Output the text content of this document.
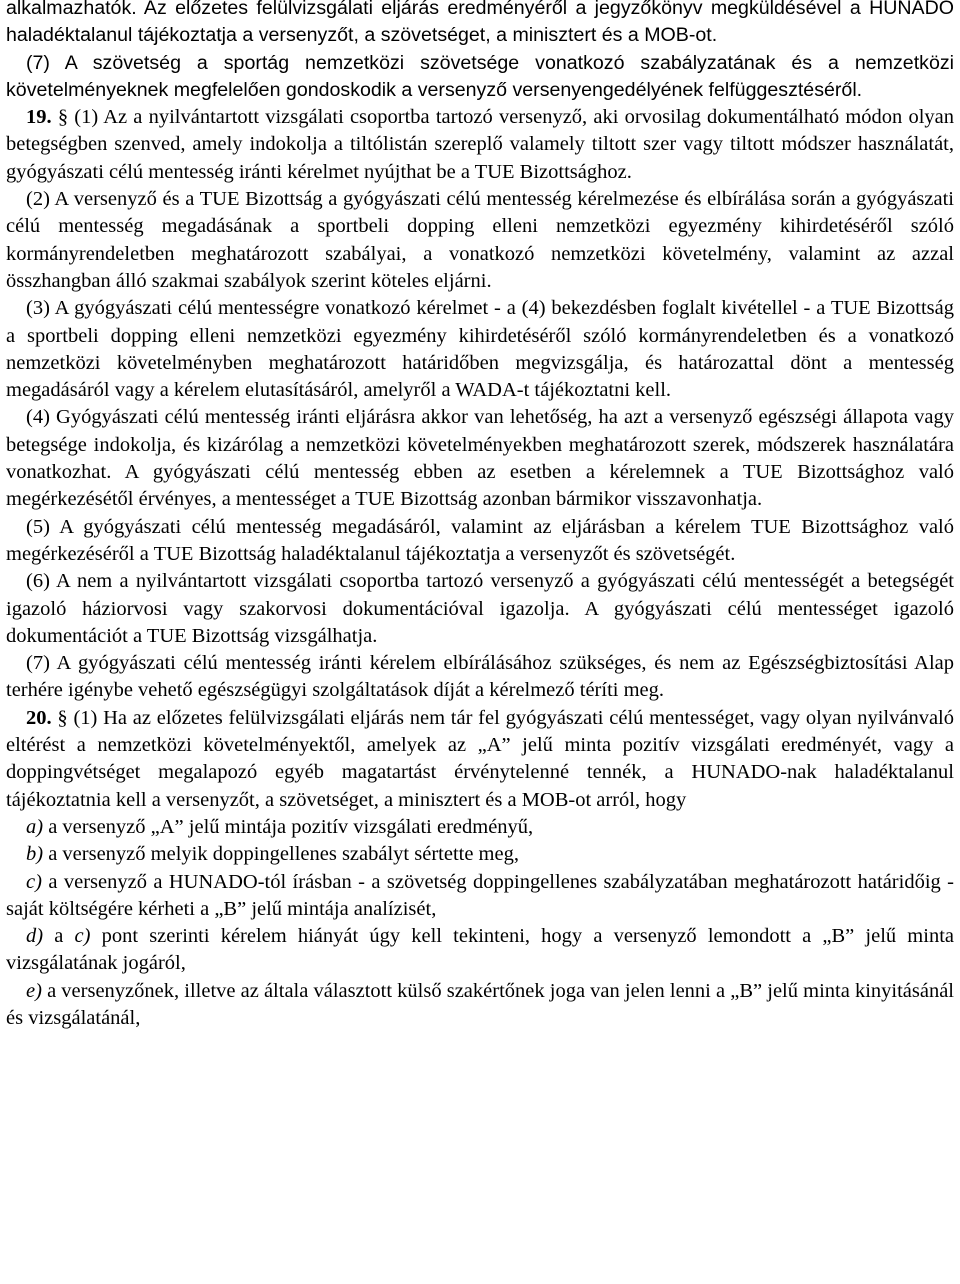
alkalmazhatók. Az előzetes felülvizsgálati eljárás eredményéről a jegyzőkönyv megküldésével a HUNADO haladéktalanul tájékoztatja a versenyzőt, a szövetséget, a minisztert és a MOB-ot.

(7) A szövetség a sportág nemzetközi szövetsége vonatkozó szabályzatának és a nemzetközi követelményeknek megfelelően gondoskodik a versenyző versenyengedélyének felfüggesztéséről.

19. § (1) Az a nyilvántartott vizsgálati csoportba tartozó versenyző, aki orvosilag dokumentálható módon olyan betegségben szenved, amely indokolja a tiltólistán szereplő valamely tiltott szer vagy tiltott módszer használatát, gyógyászati célú mentesség iránti kérelmet nyújthat be a TUE Bizottsághoz.

(2) A versenyző és a TUE Bizottság a gyógyászati célú mentesség kérelmezése és elbírálása során a gyógyászati célú mentesség megadásának a sportbeli dopping elleni nemzetközi egyezmény kihirdetéséről szóló kormányrendeletben meghatározott szabályai, a vonatkozó nemzetközi követelmény, valamint az azzal összhangban álló szakmai szabályok szerint köteles eljárni.

(3) A gyógyászati célú mentességre vonatkozó kérelmet - a (4) bekezdésben foglalt kivétellel - a TUE Bizottság a sportbeli dopping elleni nemzetközi egyezmény kihirdetéséről szóló kormányrendeletben és a vonatkozó nemzetközi követelményben meghatározott határidőben megvizsgálja, és határozattal dönt a mentesség megadásáról vagy a kérelem elutasításáról, amelyről a WADA-t tájékoztatni kell.

(4) Gyógyászati célú mentesség iránti eljárásra akkor van lehetőség, ha azt a versenyző egészségi állapota vagy betegsége indokolja, és kizárólag a nemzetközi követelményekben meghatározott szerek, módszerek használatára vonatkozhat. A gyógyászati célú mentesség ebben az esetben a kérelemnek a TUE Bizottsághoz való megérkezésétől érvényes, a mentességet a TUE Bizottság azonban bármikor visszavonhatja.

(5) A gyógyászati célú mentesség megadásáról, valamint az eljárásban a kérelem TUE Bizottsághoz való megérkezéséről a TUE Bizottság haladéktalanul tájékoztatja a versenyzőt és szövetségét.

(6) A nem a nyilvántartott vizsgálati csoportba tartozó versenyző a gyógyászati célú mentességét a betegségét igazoló háziorvosi vagy szakorvosi dokumentációval igazolja. A gyógyászati célú mentességet igazoló dokumentációt a TUE Bizottság vizsgálhatja.

(7) A gyógyászati célú mentesség iránti kérelem elbírálásához szükséges, és nem az Egészségbiztosítási Alap terhére igénybe vehető egészségügyi szolgáltatások díját a kérelmező téríti meg.

20. § (1) Ha az előzetes felülvizsgálati eljárás nem tár fel gyógyászati célú mentességet, vagy olyan nyilvánvaló eltérést a nemzetközi követelményektől, amelyek az „A” jelű minta pozitív vizsgálati eredményét, vagy a doppingvétséget megalapozó egyéb magatartást érvénytelenné tennék, a HUNADO-nak haladéktalanul tájékoztatnia kell a versenyzőt, a szövetséget, a minisztert és a MOB-ot arról, hogy

a) a versenyző „A” jelű mintája pozitív vizsgálati eredményű,

b) a versenyző melyik doppingellenes szabályt sértette meg,

c) a versenyző a HUNADO-tól írásban - a szövetség doppingellenes szabályzatában meghatározott határidőig - saját költségére kérheti a „B” jelű mintája analízisét,

d) a c) pont szerinti kérelem hiányát úgy kell tekinteni, hogy a versenyző lemondott a „B” jelű minta vizsgálatának jogáról,

e) a versenyzőnek, illetve az általa választott külső szakértőnek joga van jelen lenni a „B” jelű minta kinyitásánál és vizsgálatánál,
